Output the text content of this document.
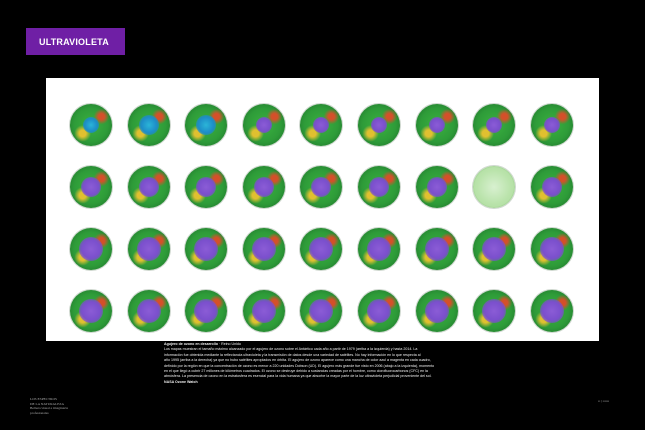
ULTRAVIOLETA
Agujero de ozono en desarrollo · Reino Unido
Los mapas muestran el tamaño máximo alcanzado por el agujero de ozono sobre el Antártico cada año a partir de 1979 (arriba a la izquierda) y hasta 2014. La
información fue obtenida mediante la reflectancia ultravioleta y la transmisión de datos desde una variedad de satélites. No hay información en lo que respecta al
año 1995 (arriba a la derecha) ya que no hubo satélites apropiados en órbita. El agujero de ozono aparece como una mancha de color azul a magenta en cada cuadro,
definido por la región en que la concentración de ozono es menor a 220 unidades Dobson (UD). El agujero más grande fue visto en 2006 (abajo a la izquierda), momento
en el que llegó a cubrir 27 millones de kilómetros cuadrados. El ozono se destruye debido a sustancias creadas por el hombre, como clorofluorocarbonos (CFC) en la
atmósfera. La presencia de ozono en la estratosfera es esencial para la vida humana ya que absorbe la mayor parte de la luz ultravioleta perjudicial proveniente del sol.
NASA Ozone Watch
LOS ESPECTROS
DE LA NATURALEZA
Belleza visual e imaginaria
profesionales
▪▪ | ▪▪▪▪▪▪
